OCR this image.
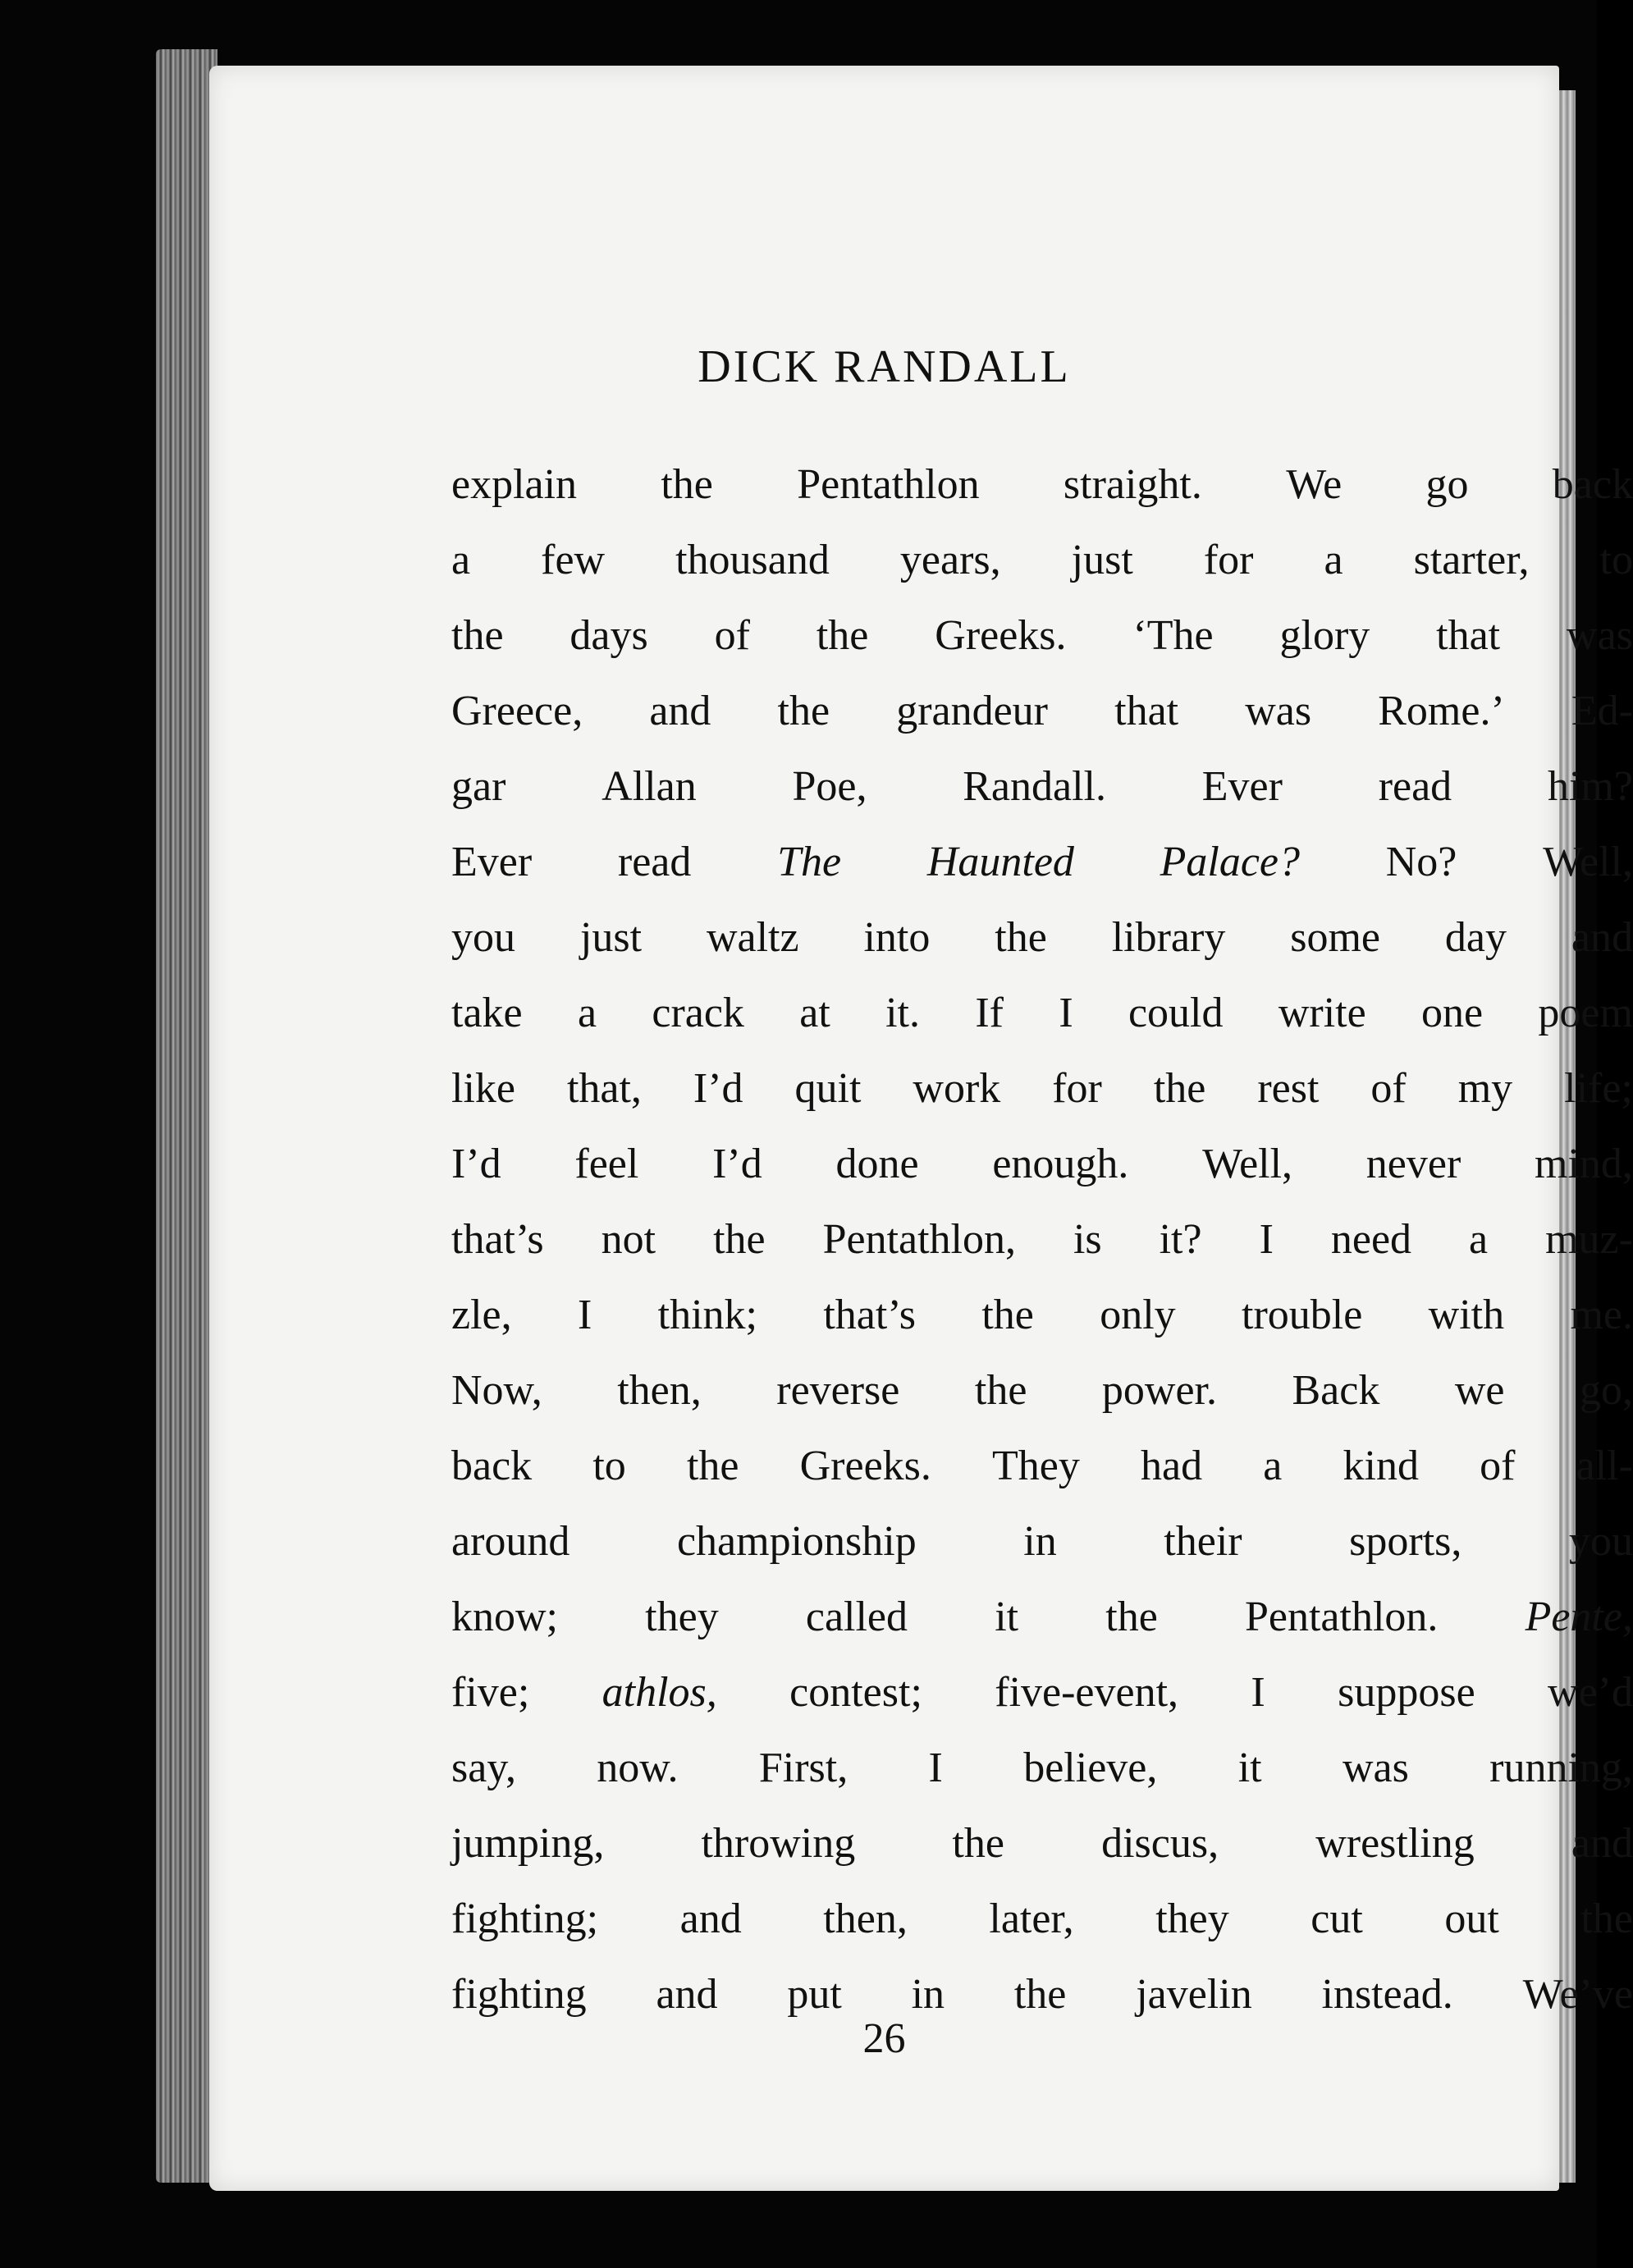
DICK RANDALL
explain the Pentathlon straight. We go back
a few thousand years, just for a starter, to
the days of the Greeks. ‘The glory that was
Greece, and the grandeur that was Rome.’ Ed-
gar Allan Poe, Randall. Ever read him?
Ever read The Haunted Palace? No? Well,
you just waltz into the library some day and
take a crack at it. If I could write one poem
like that, I’d quit work for the rest of my life;
I’d feel I’d done enough. Well, never mind,
that’s not the Pentathlon, is it? I need a muz-
zle, I think; that’s the only trouble with me.
Now, then, reverse the power. Back we go,
back to the Greeks. They had a kind of all-
around	championship	in	their	sports,	you
know; they called it the Pentathlon. Pente,
five; athlos, contest; five-event, I suppose we’d
say, now. First, I believe, it was running,
jumping, throwing the discus, wrestling and
fighting; and then, later, they cut out the
fighting and put in the javelin instead. We’ve
26
